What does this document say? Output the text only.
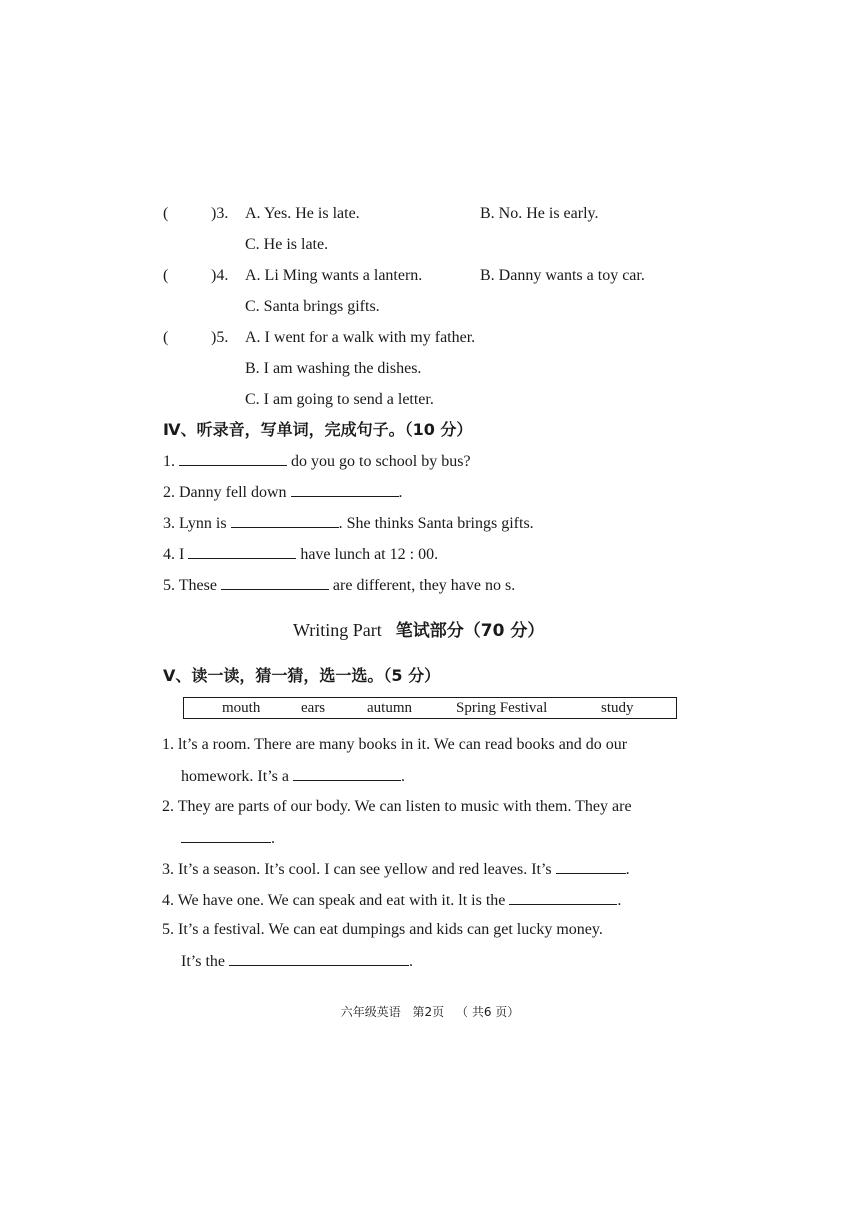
(	)3. A. Yes. He is late.	B. No. He is early.
C. He is late.
(	)4. A. Li Ming wants a lantern.	B. Danny wants a toy car.
C. Santa brings gifts.
(	)5. A. I went for a walk with my father.
B. I am washing the dishes.
C. I am going to send a letter.
Ⅳ、听录音，写单词，完成句子。（10 分）
1.	do you go to school by bus?
2. Danny fell down	.
3. Lynn is	. She thinks Santa brings gifts.
4. I	have lunch at 12 : 00.
5. These	are different, they have no s.
Writing Part 笔试部分（70 分）
Ⅴ、读一读，猜一猜，选一选。（5 分）
mouth	ears	autumn	Spring Festival	study
1. lt’s a room. There are many books in it. We can read books and do our
homework. It’s a	.
2. They are parts of our body. We can listen to music with them. They are
.
3. It’s a season. It’s cool. I can see yellow and red leaves. It’s	.
4. We have one. We can speak and eat with it. lt is the	.
5. It’s a festival. We can eat dumpings and kids can get lucky money.
It’s the	.
六年级英语 第2页 （ 共6 页）
